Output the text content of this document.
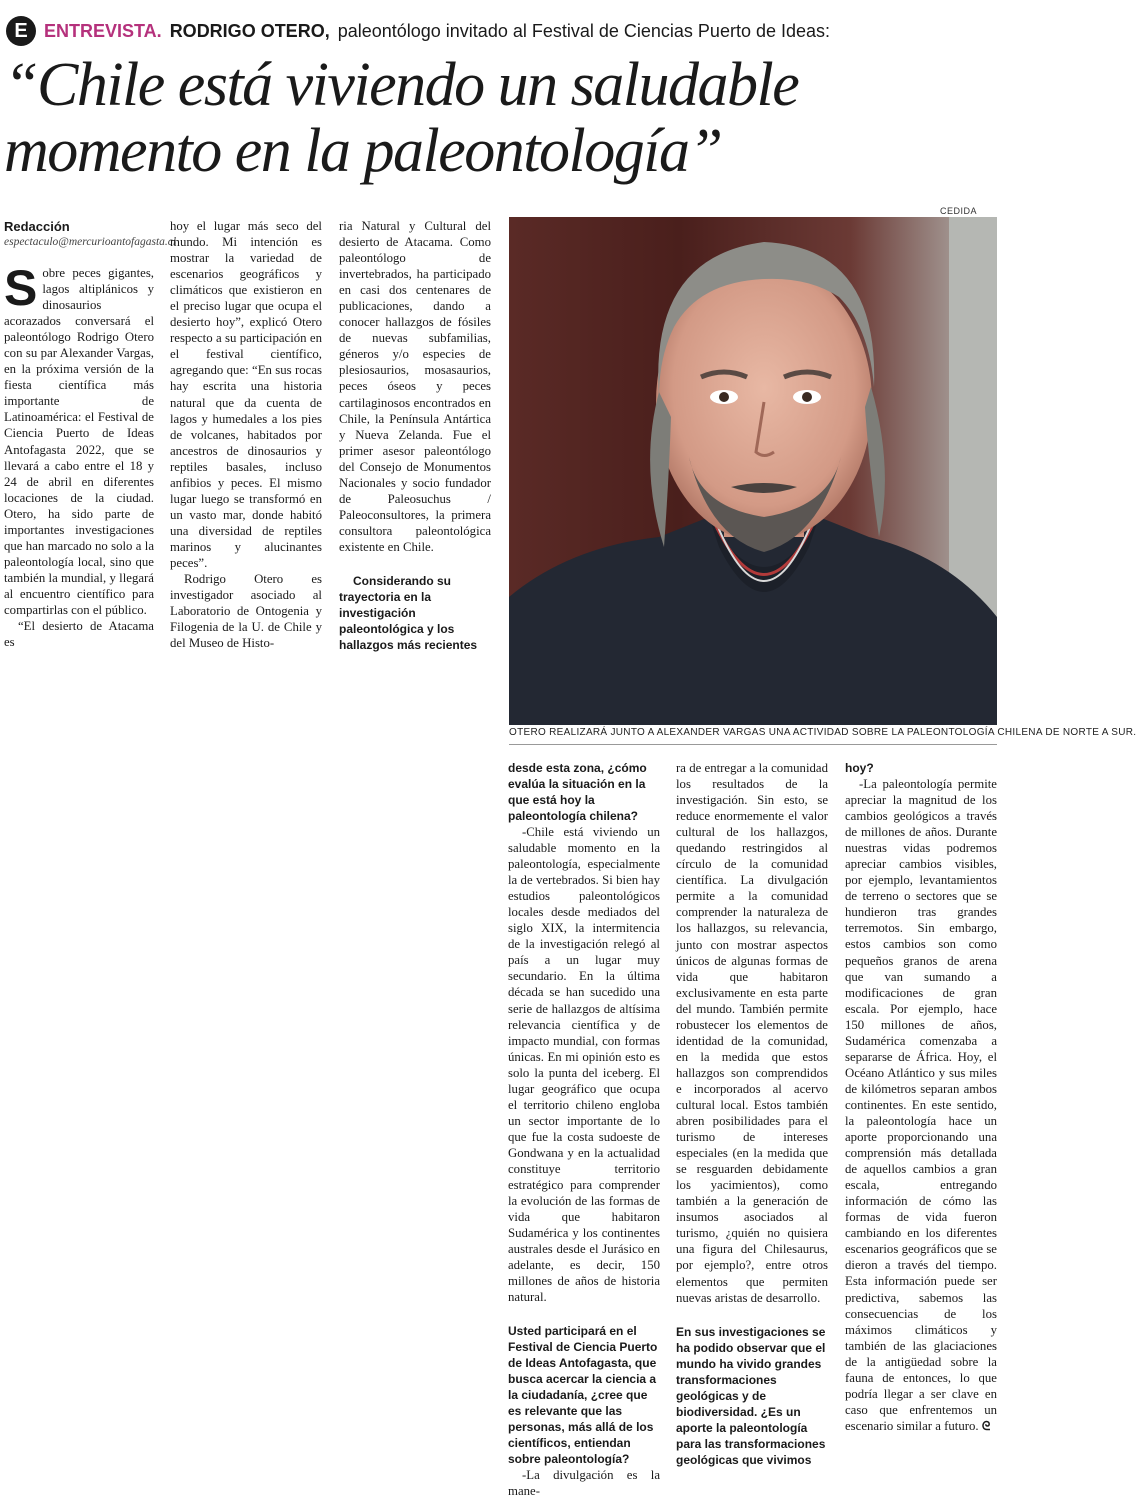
E ENTREVISTA. RODRIGO OTERO, paleontólogo invitado al Festival de Ciencias Puerto de Ideas:
“Chile está viviendo un saludable momento en la paleontología”
Redacción
espectaculo@mercurioantofagasta.cl

Sobre peces gigantes, lagos altiplánicos y dinosaurios acorazados conversará el paleontólogo Rodrigo Otero con su par Alexander Vargas, en la próxima versión de la fiesta científica más importante de Latinoamérica: el Festival de Ciencia Puerto de Ideas Antofagasta 2022, que se llevará a cabo entre el 18 y 24 de abril en diferentes locaciones de la ciudad. Otero, ha sido parte de importantes investigaciones que han marcado no solo a la paleontología local, sino que también la mundial, y llegará al encuentro científico para compartirlas con el público.

“El desierto de Atacama es

hoy el lugar más seco del mundo. Mi intención es mostrar la variedad de escenarios geográficos y climáticos que existieron en el preciso lugar que ocupa el desierto hoy”, explicó Otero respecto a su participación en el festival científico, agregando que: “En sus rocas hay escrita una historia natural que da cuenta de lagos y humedales a los pies de volcanes, habitados por ancestros de dinosaurios y reptiles basales, incluso anfibios y peces. El mismo lugar luego se transformó en un vasto mar, donde habitó una diversidad de reptiles marinos y alucinantes peces”.

Rodrigo Otero es investigador asociado al Laboratorio de Ontogenia y Filogenia de la U. de Chile y del Museo de Histo-

ria Natural y Cultural del desierto de Atacama. Como paleontólogo de invertebrados, ha participado en casi dos centenares de publicaciones, dando a conocer hallazgos de fósiles de nuevas subfamilias, géneros y/o especies de plesiosaurios, mosasaurios, peces óseos y peces cartilaginosos encontrados en Chile, la Península Antártica y Nueva Zelanda. Fue el primer asesor paleontólogo del Consejo de Monumentos Nacionales y socio fundador de Paleosuchus / Paleoconsultores, la primera consultora paleontológica existente en Chile.

Considerando su trayectoria en la investigación paleontológica y los hallazgos más recientes

CEDIDA
OTERO REALIZARÁ JUNTO A ALEXANDER VARGAS UNA ACTIVIDAD SOBRE LA PALEONTOLOGÍA CHILENA DE NORTE A SUR.

desde esta zona, ¿cómo evalúa la situación en la que está hoy la paleontología chilena?

-Chile está viviendo un saludable momento en la paleontología, especialmente la de vertebrados. Si bien hay estudios paleontológicos locales desde mediados del siglo XIX, la intermitencia de la investigación relegó al país a un lugar muy secundario. En la última década se han sucedido una serie de hallazgos de altísima relevancia científica y de impacto mundial, con formas únicas. En mi opinión esto es solo la punta del iceberg. El lugar geográfico que ocupa el territorio chileno engloba un sector importante de lo que fue la costa sudoeste de Gondwana y en la actualidad constituye territorio estratégico para comprender la evolución de las formas de vida que habitaron Sudamérica y los continentes australes desde el Jurásico en adelante, es decir, 150 millones de años de historia natural.

Usted participará en el Festival de Ciencia Puerto de Ideas Antofagasta, que busca acercar la ciencia a la ciudadanía, ¿cree que es relevante que las personas, más allá de los científicos, entiendan sobre paleontología?

-La divulgación es la mane-

ra de entregar a la comunidad los resultados de la investigación. Sin esto, se reduce enormemente el valor cultural de los hallazgos, quedando restringidos al círculo de la comunidad científica. La divulgación permite a la comunidad comprender la naturaleza de los hallazgos, su relevancia, junto con mostrar aspectos únicos de algunas formas de vida que habitaron exclusivamente en esta parte del mundo. También permite robustecer los elementos de identidad de la comunidad, en la medida que estos hallazgos son comprendidos e incorporados al acervo cultural local. Estos también abren posibilidades para el turismo de intereses especiales (en la medida que se resguarden debidamente los yacimientos), como también a la generación de insumos asociados al turismo, ¿quién no quisiera una figura del Chilesaurus, por ejemplo?, entre otros elementos que permiten nuevas aristas de desarrollo.

En sus investigaciones se ha podido observar que el mundo ha vivido grandes transformaciones geológicas y de biodiversidad. ¿Es un aporte la paleontología para las transformaciones geológicas que vivimos

hoy?

-La paleontología permite apreciar la magnitud de los cambios geológicos a través de millones de años. Durante nuestras vidas podremos apreciar cambios visibles, por ejemplo, levantamientos de terreno o sectores que se hundieron tras grandes terremotos. Sin embargo, estos cambios son como pequeños granos de arena que van sumando a modificaciones de gran escala. Por ejemplo, hace 150 millones de años, Sudamérica comenzaba a separarse de África. Hoy, el Océano Atlántico y sus miles de kilómetros separan ambos continentes. En este sentido, la paleontología hace un aporte proporcionando una comprensión más detallada de aquellos cambios a gran escala, entregando información de cómo las formas de vida fueron cambiando en los diferentes escenarios geográficos que se dieron a través del tiempo. Esta información puede ser predictiva, sabemos las consecuencias de los máximos climáticos y también de las glaciaciones de la antigüedad sobre la fauna de entonces, lo que podría llegar a ser clave en caso que enfrentemos un escenario similar a futuro. ᘓ
